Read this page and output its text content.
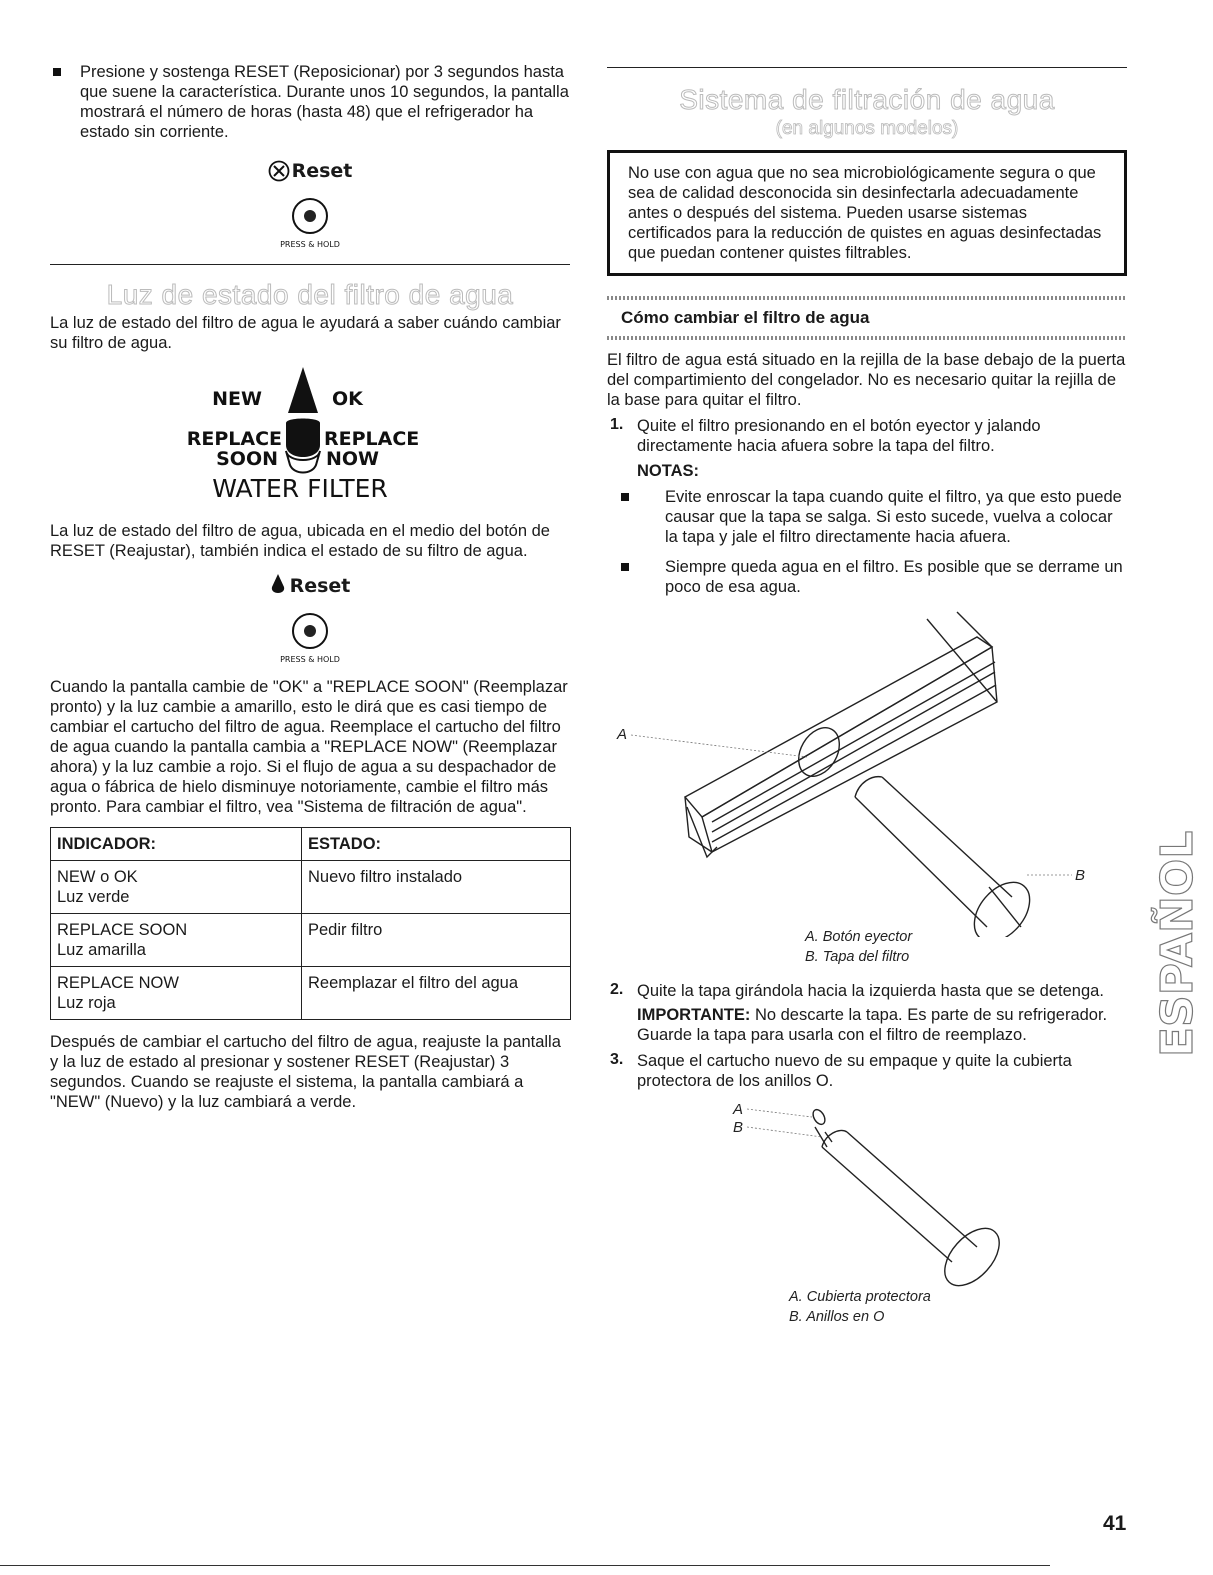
Presione y sostenga RESET (Reposicionar) por 3 segundos hasta que suene la característica. Durante unos 10 segundos, la pantalla mostrará el número de horas (hasta 48) que el refrigerador ha estado sin corriente.

Reset
PRESS & HOLD
Luz de estado del filtro de agua

La luz de estado del filtro de agua le ayudará a saber cuándo cambiar su filtro de agua.

NEW	OK
REPLACE
SOON
REPLACE
NOW
WATER FILTER

La luz de estado del filtro de agua, ubicada en el medio del botón de RESET (Reajustar), también indica el estado de su filtro de agua.

Reset
PRESS & HOLD

Cuando la pantalla cambie de "OK" a "REPLACE SOON" (Reemplazar pronto) y la luz cambie a amarillo, esto le dirá que es casi tiempo de cambiar el cartucho del filtro de agua. Reemplace el cartucho del filtro de agua cuando la pantalla cambia a "REPLACE NOW" (Reemplazar ahora) y la luz cambie a rojo. Si el flujo de agua a su despachador de agua o fábrica de hielo disminuye notoriamente, cambie el filtro más pronto. Para cambiar el filtro, vea "Sistema de filtración de agua".

INDICADOR:	ESTADO:
NEW o OK
Luz verde	Nuevo filtro instalado
REPLACE SOON
Luz amarilla	Pedir filtro
REPLACE NOW
Luz roja	Reemplazar el filtro del agua

Después de cambiar el cartucho del filtro de agua, reajuste la pantalla y la luz de estado al presionar y sostener RESET (Reajustar) 3 segundos. Cuando se reajuste el sistema, la pantalla cambiará a "NEW" (Nuevo) y la luz cambiará a verde.

Sistema de filtración de agua
(en algunos modelos)

No use con agua que no sea microbiológicamente segura o que sea de calidad desconocida sin desinfectarla adecuadamente antes o después del sistema. Pueden usarse sistemas certificados para la reducción de quistes en aguas desinfectadas que puedan contener quistes filtrables.

Cómo cambiar el filtro de agua

El filtro de agua está situado en la rejilla de la base debajo de la puerta del compartimiento del congelador. No es necesario quitar la rejilla de la base para quitar el filtro.

1. Quite el filtro presionando en el botón eyector y jalando directamente hacia afuera sobre la tapa del filtro.

NOTAS:

Evite enroscar la tapa cuando quite el filtro, ya que esto puede causar que la tapa se salga. Si esto sucede, vuelva a colocar la tapa y jale el filtro directamente hacia afuera.

Siempre queda agua en el filtro. Es posible que se derrame un poco de esa agua.

A
B
A. Botón eyector
B. Tapa del filtro
2. Quite la tapa girándola hacia la izquierda hasta que se detenga.

IMPORTANTE: No descarte la tapa. Es parte de su refrigerador. Guarde la tapa para usarla con el filtro de reemplazo.

3. Saque el cartucho nuevo de su empaque y quite la cubierta protectora de los anillos O.

A
B
A. Cubierta protectora
B. Anillos en O
ESPAÑOL
41
